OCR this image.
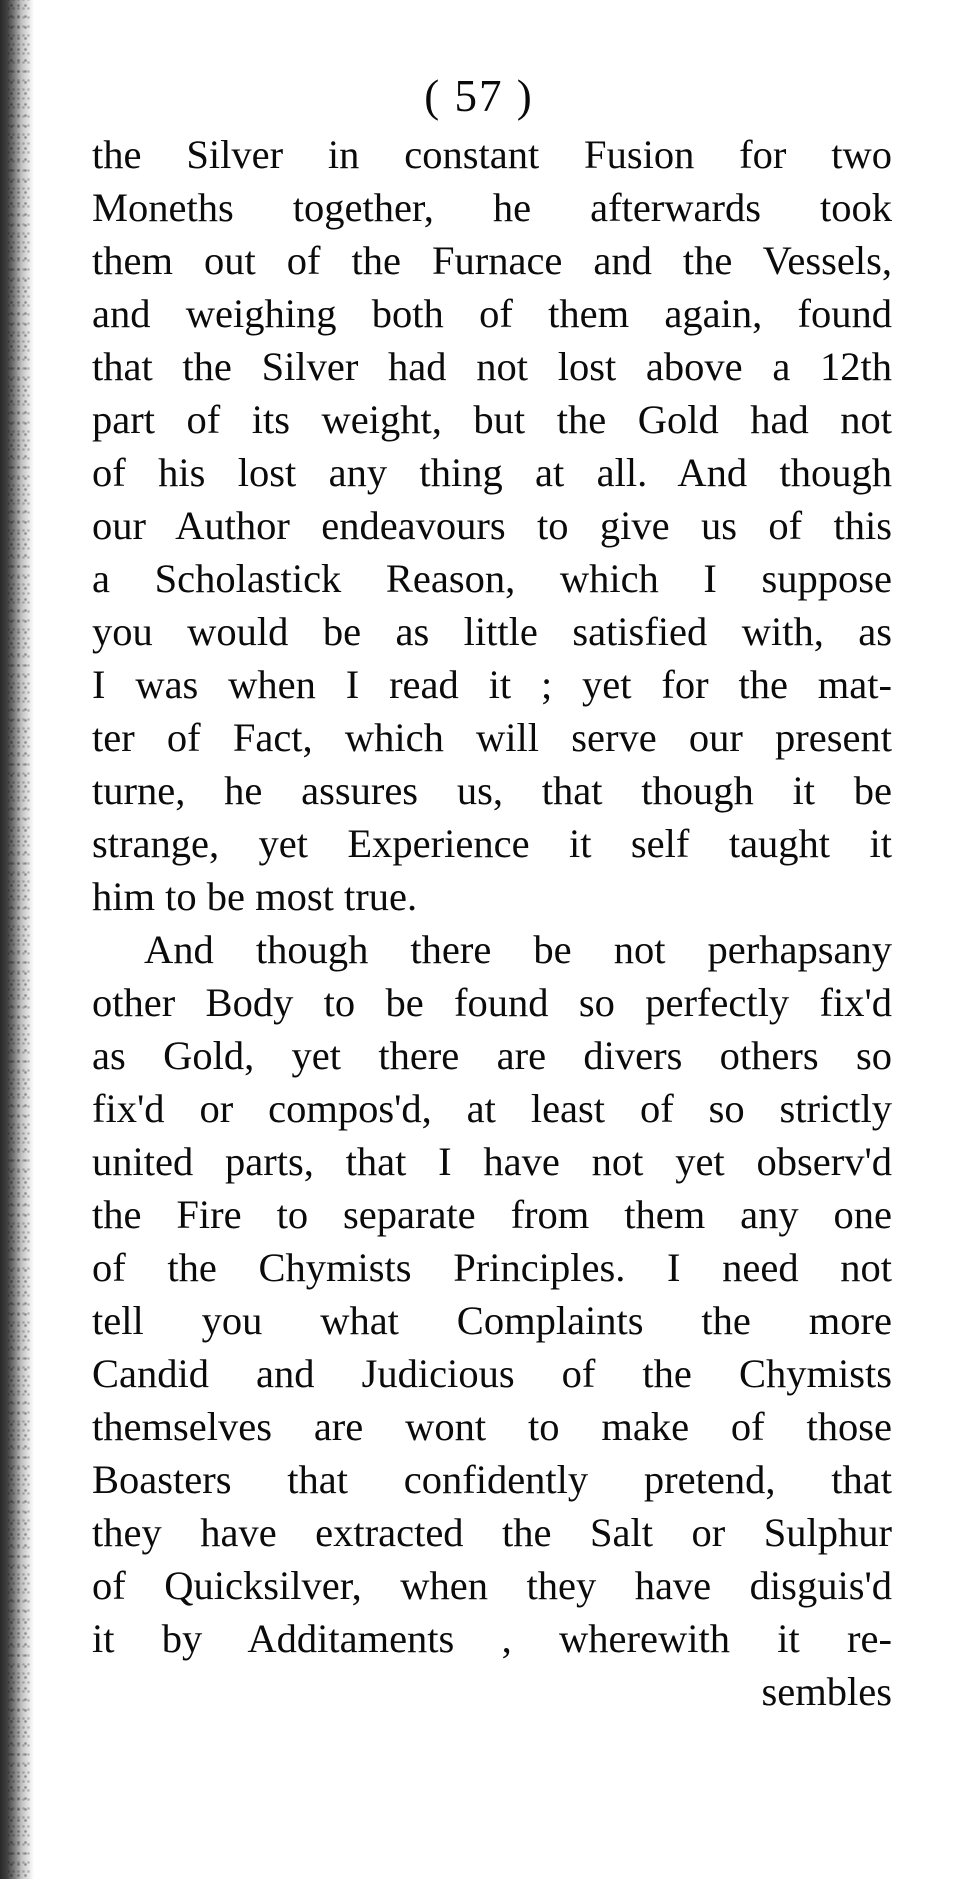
( 57 )
the Silver in constant Fusion for two
Moneths together, he afterwards took
them out of the Furnace and the Vessels,
and weighing both of them again, found
that the Silver had not lost above a 12th
part of its weight, but the Gold had not
of his lost any thing at all. And though
our Author endeavours to give us of this
a Scholastick Reason, which I suppose
you would be as little satisfied with, as
I was when I read it ; yet for the mat-
ter of Fact, which will serve our present
turne, he assures us, that though it be
strange, yet Experience it self taught it
him to be most true.
And though there be not perhapsany
other Body to be found so perfectly fix'd
as Gold, yet there are divers others so
fix'd or compos'd, at least of so strictly
united parts, that I have not yet observ'd
the Fire to separate from them any one
of the Chymists Principles. I need not
tell you what Complaints the more
Candid and Judicious of the Chymists
themselves are wont to make of those
Boasters that confidently pretend, that
they have extracted the Salt or Sulphur
of Quicksilver, when they have disguis'd
it by Additaments , wherewith it re-
sembles
